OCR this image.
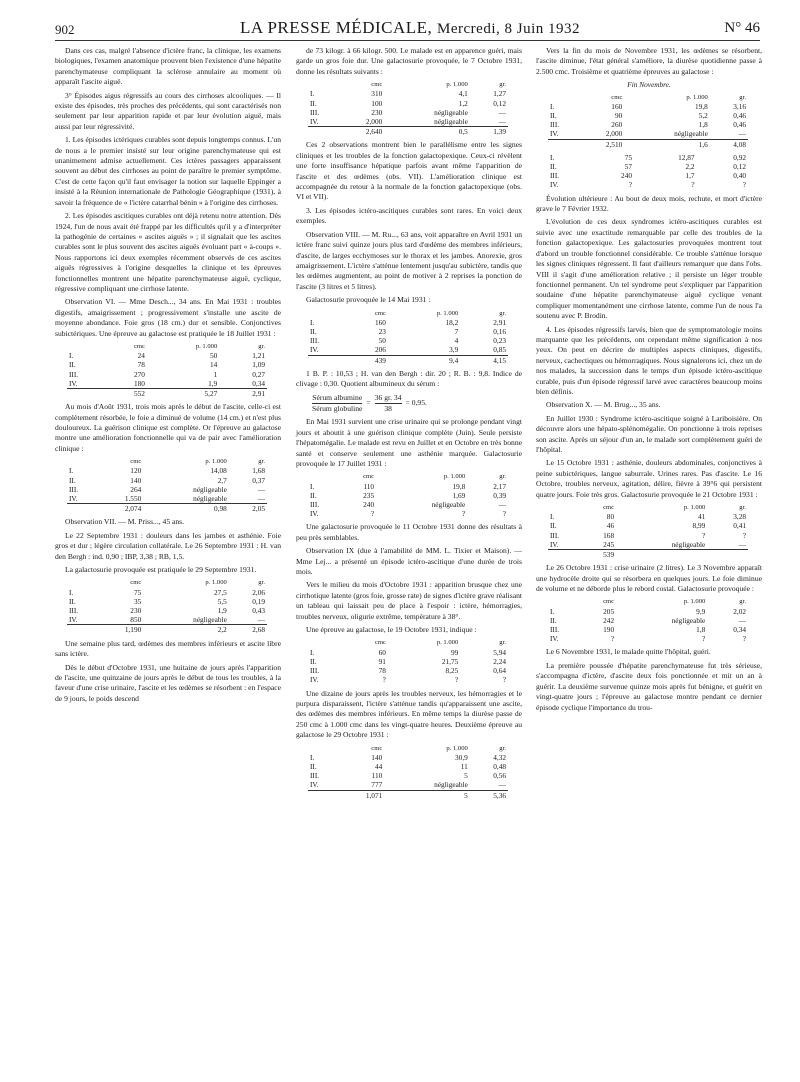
902	LA PRESSE MÉDICALE, Mercredi, 8 Juin 1932	N° 46

Dans ces cas, malgré l'absence d'ictère franc, la clinique, les examens biologiques, l'examen anatomique prouvent bien l'existence d'une hépatite parenchymateuse compliquant la sclérose annulaire au moment où apparaît l'ascite aiguë.

3° Épisodes aigus régressifs au cours des cirrhoses alcooliques. — Il existe des épisodes, très proches des précédents, qui sont caractérisés non seulement par leur apparition rapide et par leur évolution aiguë, mais aussi par leur régressivité.

1. Les épisodes ictériques curables sont depuis longtemps connus. L'un de nous a le premier insisté sur leur origine parenchymateuse qui est unanimement admise actuellement. Ces ictères passagers apparaissent souvent au début des cirrhoses au point de paraître le premier symptôme. C'est de cette façon qu'il faut envisager la notion sur laquelle Eppinger a insisté à la Réunion internationale de Pathologie Géographique (1931), à savoir la fréquence de « l'ictère catarrhal bénin » à l'origine des cirrhoses.

2. Les épisodes ascitiques curables ont déjà retenu notre attention. Dès 1924, l'un de nous avait été frappé par les difficultés qu'il y a d'interpréter la pathogénie de certaines « ascites aiguës » ; il signalait que les ascites curables sont le plus souvent des ascites aiguës évoluant part « à-coups ». Nous rapportons ici deux exemples récemment observés de ces ascites aiguës régressives à l'origine desquelles la clinique et les épreuves fonctionnelles montrent une hépatite parenchymateuse aiguë, cyclique, régressive compliquant une cirrhose latente.

Observation VI. — Mme Desch..., 34 ans. En Mai 1931 : troubles digestifs, amaigrissement ; progressivement s'installe une ascite de moyenne abondance. Foie gros (18 cm.) dur et sensible. Conjonctives subictériques. Une épreuve au galactose est pratiquée le 18 Juillet 1931 :

	cmc	p. 1.000	gr.
I.	24	50	1,21
II.	78	14	1,09
III.	270	1	0,27
IV.	180	1,9	0,34
	552	5,27	2,91

Au mois d'Août 1931, trois mois après le début de l'ascite, celle-ci est complètement résorbée, le foie a diminué de volume (14 cm.) et n'est plus douloureux. La guérison clinique est complète. Or l'épreuve au galactose montre une amélioration fonctionnelle qui va de pair avec l'amélioration clinique :

	cmc	p. 1.000	gr.
I.	120	14,08	1,68
II.	140	2,7	0,37
III.	264	négligeable	—
IV.	1.550	négligeable	—
	2,074	0,98	2,05

Observation VII. — M. Priss..., 45 ans.

Le 22 Septembre 1931 : douleurs dans les jambes et asthénie. Foie gros et dur ; légère circulation collatérale. Le 26 Septembre 1931 : H. van den Bergh : ind. 0,90 ; IBP, 3,38 ; RB, 1,5.

La galactosurie provoquée est pratiquée le 29 Septembre 1931.

	cmc	p. 1.000	gr.
I.	75	27,5	2,06
II.	35	5,5	0,19
III.	230	1,9	0,43
IV.	850	négligeable	—
	1,190	2,2	2,68

Une semaine plus tard, œdèmes des membres inférieurs et ascite libre sans ictère.

Dès le début d'Octobre 1931, une huitaine de jours après l'apparition de l'ascite, une quinzaine de jours après le début de tous les troubles, à la faveur d'une crise urinaire, l'ascite et les œdèmes se résorbent : en l'espace de 9 jours, le poids descend

de 73 kilogr. à 66 kilogr. 500. Le malade est en apparence guéri, mais garde un gros foie dur. Une galactosurie provoquée, le 7 Octobre 1931, donne les résultats suivants :

	cmc	p. 1.000	gr.
I.	310	4,1	1,27
II.	100	1,2	0,12
III.	230	négligeable	—
IV.	2,000	négligeable	—
	2,640	0,5	1,39

Ces 2 observations montrent bien le parallélisme entre les signes cliniques et les troubles de la fonction galactopexique. Ceux-ci révèlent une forte insuffisance hépatique parfois avant même l'apparition de l'ascite et des œdèmes (obs. VII). L'amélioration clinique est accompagnée du retour à la normale de la fonction galactopexique (obs. VI et VII).

3. Les épisodes ictéro-ascitiques curables sont rares. En voici deux exemples.

Observation VIII. — M. Ru..., 63 ans, voit apparaître en Avril 1931 un ictère franc suivi quinze jours plus tard d'œdème des membres inférieurs, d'ascite, de larges ecchymoses sur le thorax et les jambes. Anorexie, gros amaigrissement. L'ictère s'atténue lentement jusqu'au subictère, tandis que les œdèmes augmentent, au point de motiver à 2 reprises la ponction de l'ascite (3 litres et 5 litres).

Galactosurie provoquée le 14 Mai 1931 :

	cmc	p. 1.000	gr.
I.	160	18,2	2,91
II.	23	7	0,16
III.	50	4	0,23
IV.	206	3,9	0,85
	439	9,4	4,15

1 B. P. : 10,53 ; H. van den Bergh : dir. 20 ; R. B. : 9,8. Indice de clivage : 0,30. Quotient albumineux du sérum :

Sérum albumine
Sérum globuline
= $\frac{36 gr. 34}{38} = 0,95$.

En Mai 1931 survient une crise urinaire qui se prolonge pendant vingt jours et aboutit à une guérison clinique complète (Juin). Seule persiste l'hépatomégalie. Le malade est revu en Juillet et en Octobre en très bonne santé et conserve seulement une asthénie marquée. Galactosurie provoquée le 17 Juillet 1931 :

	cmc	p. 1.000	gr.
I.	110	19,8	2,17
II.	235	1,69	0,39
III.	240	négligeable	—
IV.	?	?	?

Une galactosurie provoquée le 11 Octobre 1931 donne des résultats à peu près semblables.

Observation IX (due à l'amabilité de MM. L. Tixier et Maison). — Mme Lej... a présenté un épisode ictéro-ascitique d'une durée de trois mois.

Vers le milieu du mois d'Octobre 1931 : apparition brusque chez une cirrhotique latente (gros foie, grosse rate) de signes d'ictère grave réalisant un tableau qui laissait peu de place à l'espoir : ictère, hémorragies, troubles nerveux, oligurie extrême, température à 38°.

Une épreuve au galactose, le 19 Octobre 1931, indique :

	cmc	p. 1.000	gr.
I.	60	99	5,94
II.	91	21,75	2,24
III.	78	8,25	0,64
IV.	?	?	?

Une dizaine de jours après les troubles nerveux, les hémorragies et le purpura disparaissent, l'ictère s'atténue tandis qu'apparaissent une ascite, des œdèmes des membres inférieurs. En même temps la diurèse passe de 250 cmc à 1.000 cmc dans les vingt-quatre heures. Deuxième épreuve au galactose le 29 Octobre 1931 :

	cmc	p. 1.000	gr.
I.	140	30,9	4,32
II.	44	11	0,48
III.	110	5	0,56
IV.	777	négligeable	—
	1,071	5	5,36

Vers la fin du mois de Novembre 1931, les œdèmes se résorbent, l'ascite diminue, l'état général s'améliore, la diurèse quotidienne passe à 2.500 cmc. Troisième et quatrième épreuves au galactose :

Fin Novembre.
	cmc	p. 1.000	gr.
I.	160	19,8	3,16
II.	90	5,2	0,46
III.	260	1,8	0,46
IV.	2,000	négligeable	—
	2,510	1,6	4,08
I.	75	12,87	0,92
II.	57	2,2	0,12
III.	240	1,7	0,40
IV.	?	?	?

Évolution ultérieure : Au bout de deux mois, rechute, et mort d'ictère grave le 7 Février 1932.

L'évolution de ces deux syndromes ictéro-ascitiques curables est suivie avec une exactitude remarquable par celle des troubles de la fonction galactopexique. Les galactosuries provoquées montrent tout d'abord un trouble fonctionnel considérable. Ce trouble s'atténue lorsque les signes cliniques régressent. Il faut d'ailleurs remarquer que dans l'obs. VIII il s'agit d'une amélioration relative ; il persiste un léger trouble fonctionnel permanent. Un tel syndrome peut s'expliquer par l'apparition soudaine d'une hépatite parenchymateuse aiguë cyclique venant compliquer momentanément une cirrhose latente, comme l'un de nous l'a soutenu avec P. Brodin.

4. Les épisodes régressifs larvés, bien que de symptomatologie moins marquante que les précédents, ont cependant même signification à nos yeux. On peut en décrire de multiples aspects cliniques, digestifs, nerveux, cachectiques ou hémorragiques. Nous signalerons ici, chez un de nos malades, la succession dans le temps d'un épisode ictéro-ascitique curable, puis d'un épisode régressif larvé avec caractères beaucoup moins bien définis.

Observation X. — M. Brug..., 35 ans.

En Juillet 1930 : Syndrome ictéro-ascitique soigné à Lariboisière. On découvre alors une hépato-splénomégalie. On ponctionne à trois reprises son ascite. Après un séjour d'un an, le malade sort complètement guéri de l'hôpital.

Le 15 Octobre 1931 : asthénie, douleurs abdominales, conjonctives à peine subictériques, langue saburrale. Urines rares. Pas d'ascite. Le 16 Octobre, troubles nerveux, agitation, délire, fièvre à 39°6 qui persistent quatre jours. Foie très gros. Galactosurie provoquée le 21 Octobre 1931 :

	cmc	p. 1.000	gr.
I.	80	41	3,28
II.	46	8,99	0,41
III.	168	?	?
IV.	245	négligeable	—
	539		

Le 26 Octobre 1931 : crise urinaire (2 litres). Le 3 Novembre apparaît une hydrocèle droite qui se résorbera en quelques jours. Le foie diminue de volume et ne déborde plus le rebord costal. Galactosurie provoquée :

	cmc	p. 1.000	gr.
I.	205	9,9	2,02
II.	242	négligeable	—
III.	190	1,8	0,34
IV.	?	?	?

Le 6 Novembre 1931, le malade quitte l'hôpital, guéri.

La première poussée d'hépatite parenchymateuse fut très sérieuse, s'accompagna d'ictère, d'ascite deux fois ponctionnée et mit un an à guérir. La deuxième survenue quinze mois après fut bénigne, et guérit en vingt-quatre jours ; l'épreuve au galactose montre pendant ce dernier épisode cyclique l'importance du trou-
